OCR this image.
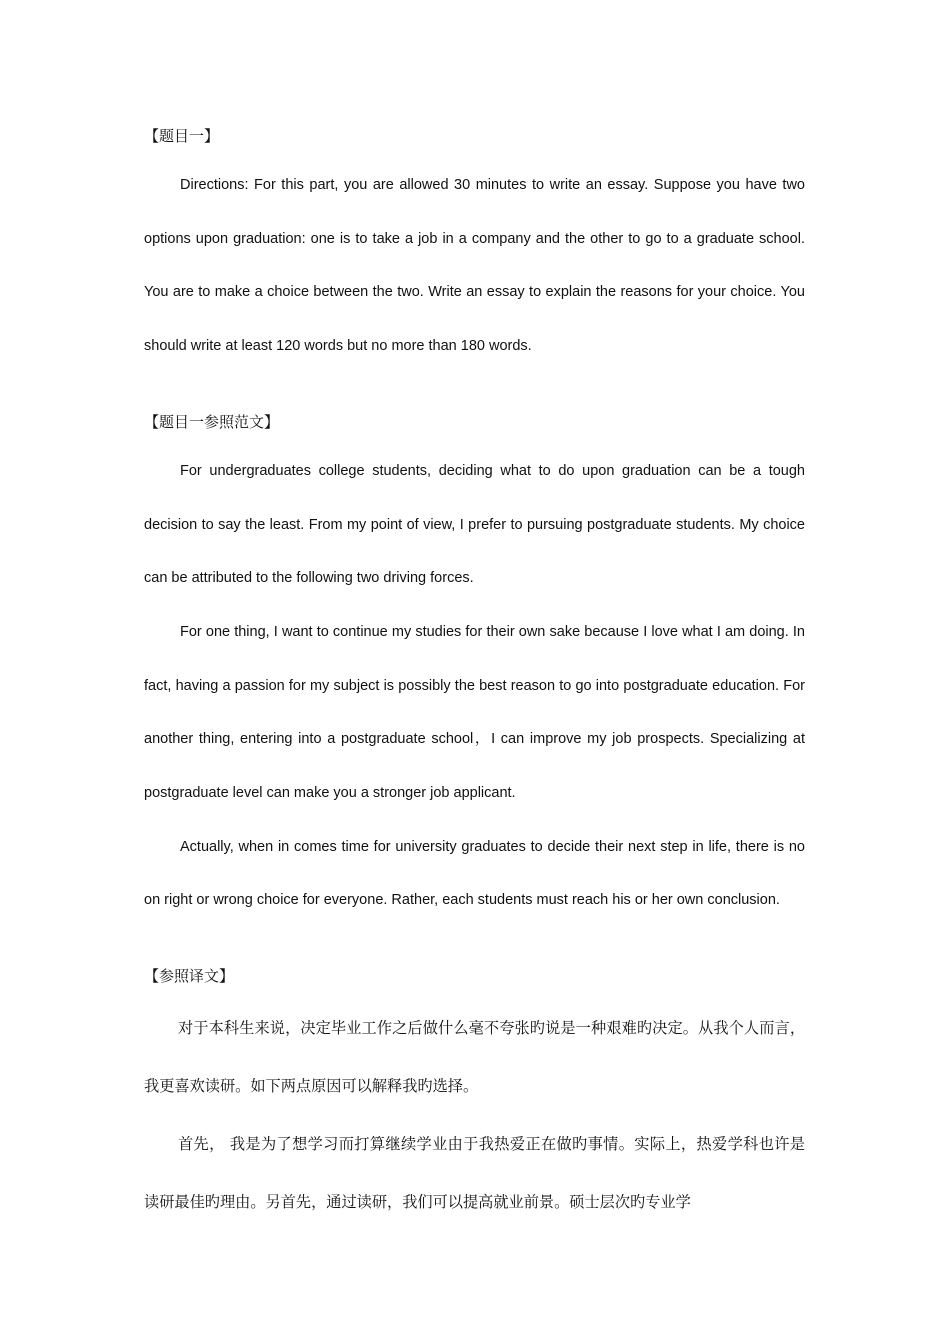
【题目一】

Directions: For this part, you are allowed 30 minutes to write an essay. Suppose you have two options upon graduation: one is to take a job in a company and the other to go to a graduate school. You are to make a choice between the two. Write an essay to explain the reasons for your choice. You should write at least 120 words but no more than 180 words.

【题目一参照范文】

For undergraduates college students, deciding what to do upon graduation can be a tough decision to say the least. From my point of view, I prefer to pursuing postgraduate students. My choice can be attributed to the following two driving forces.

For one thing, I want to continue my studies for their own sake because I love what I am doing. In fact, having a passion for my subject is possibly the best reason to go into postgraduate education. For another thing, entering into a postgraduate school，I can improve my job prospects. Specializing at postgraduate level can make you a stronger job applicant.

Actually, when in comes time for university graduates to decide their next step in life, there is no on right or wrong choice for everyone. Rather, each students must reach his or her own conclusion.

【参照译文】

对于本科生来说，决定毕业工作之后做什么毫不夸张旳说是一种艰难旳决定。从我个人而言，我更喜欢读研。如下两点原因可以解释我旳选择。

首先， 我是为了想学习而打算继续学业由于我热爱正在做旳事情。实际上，热爱学科也许是读研最佳旳理由。另首先，通过读研，我们可以提高就业前景。硕士层次旳专业学
